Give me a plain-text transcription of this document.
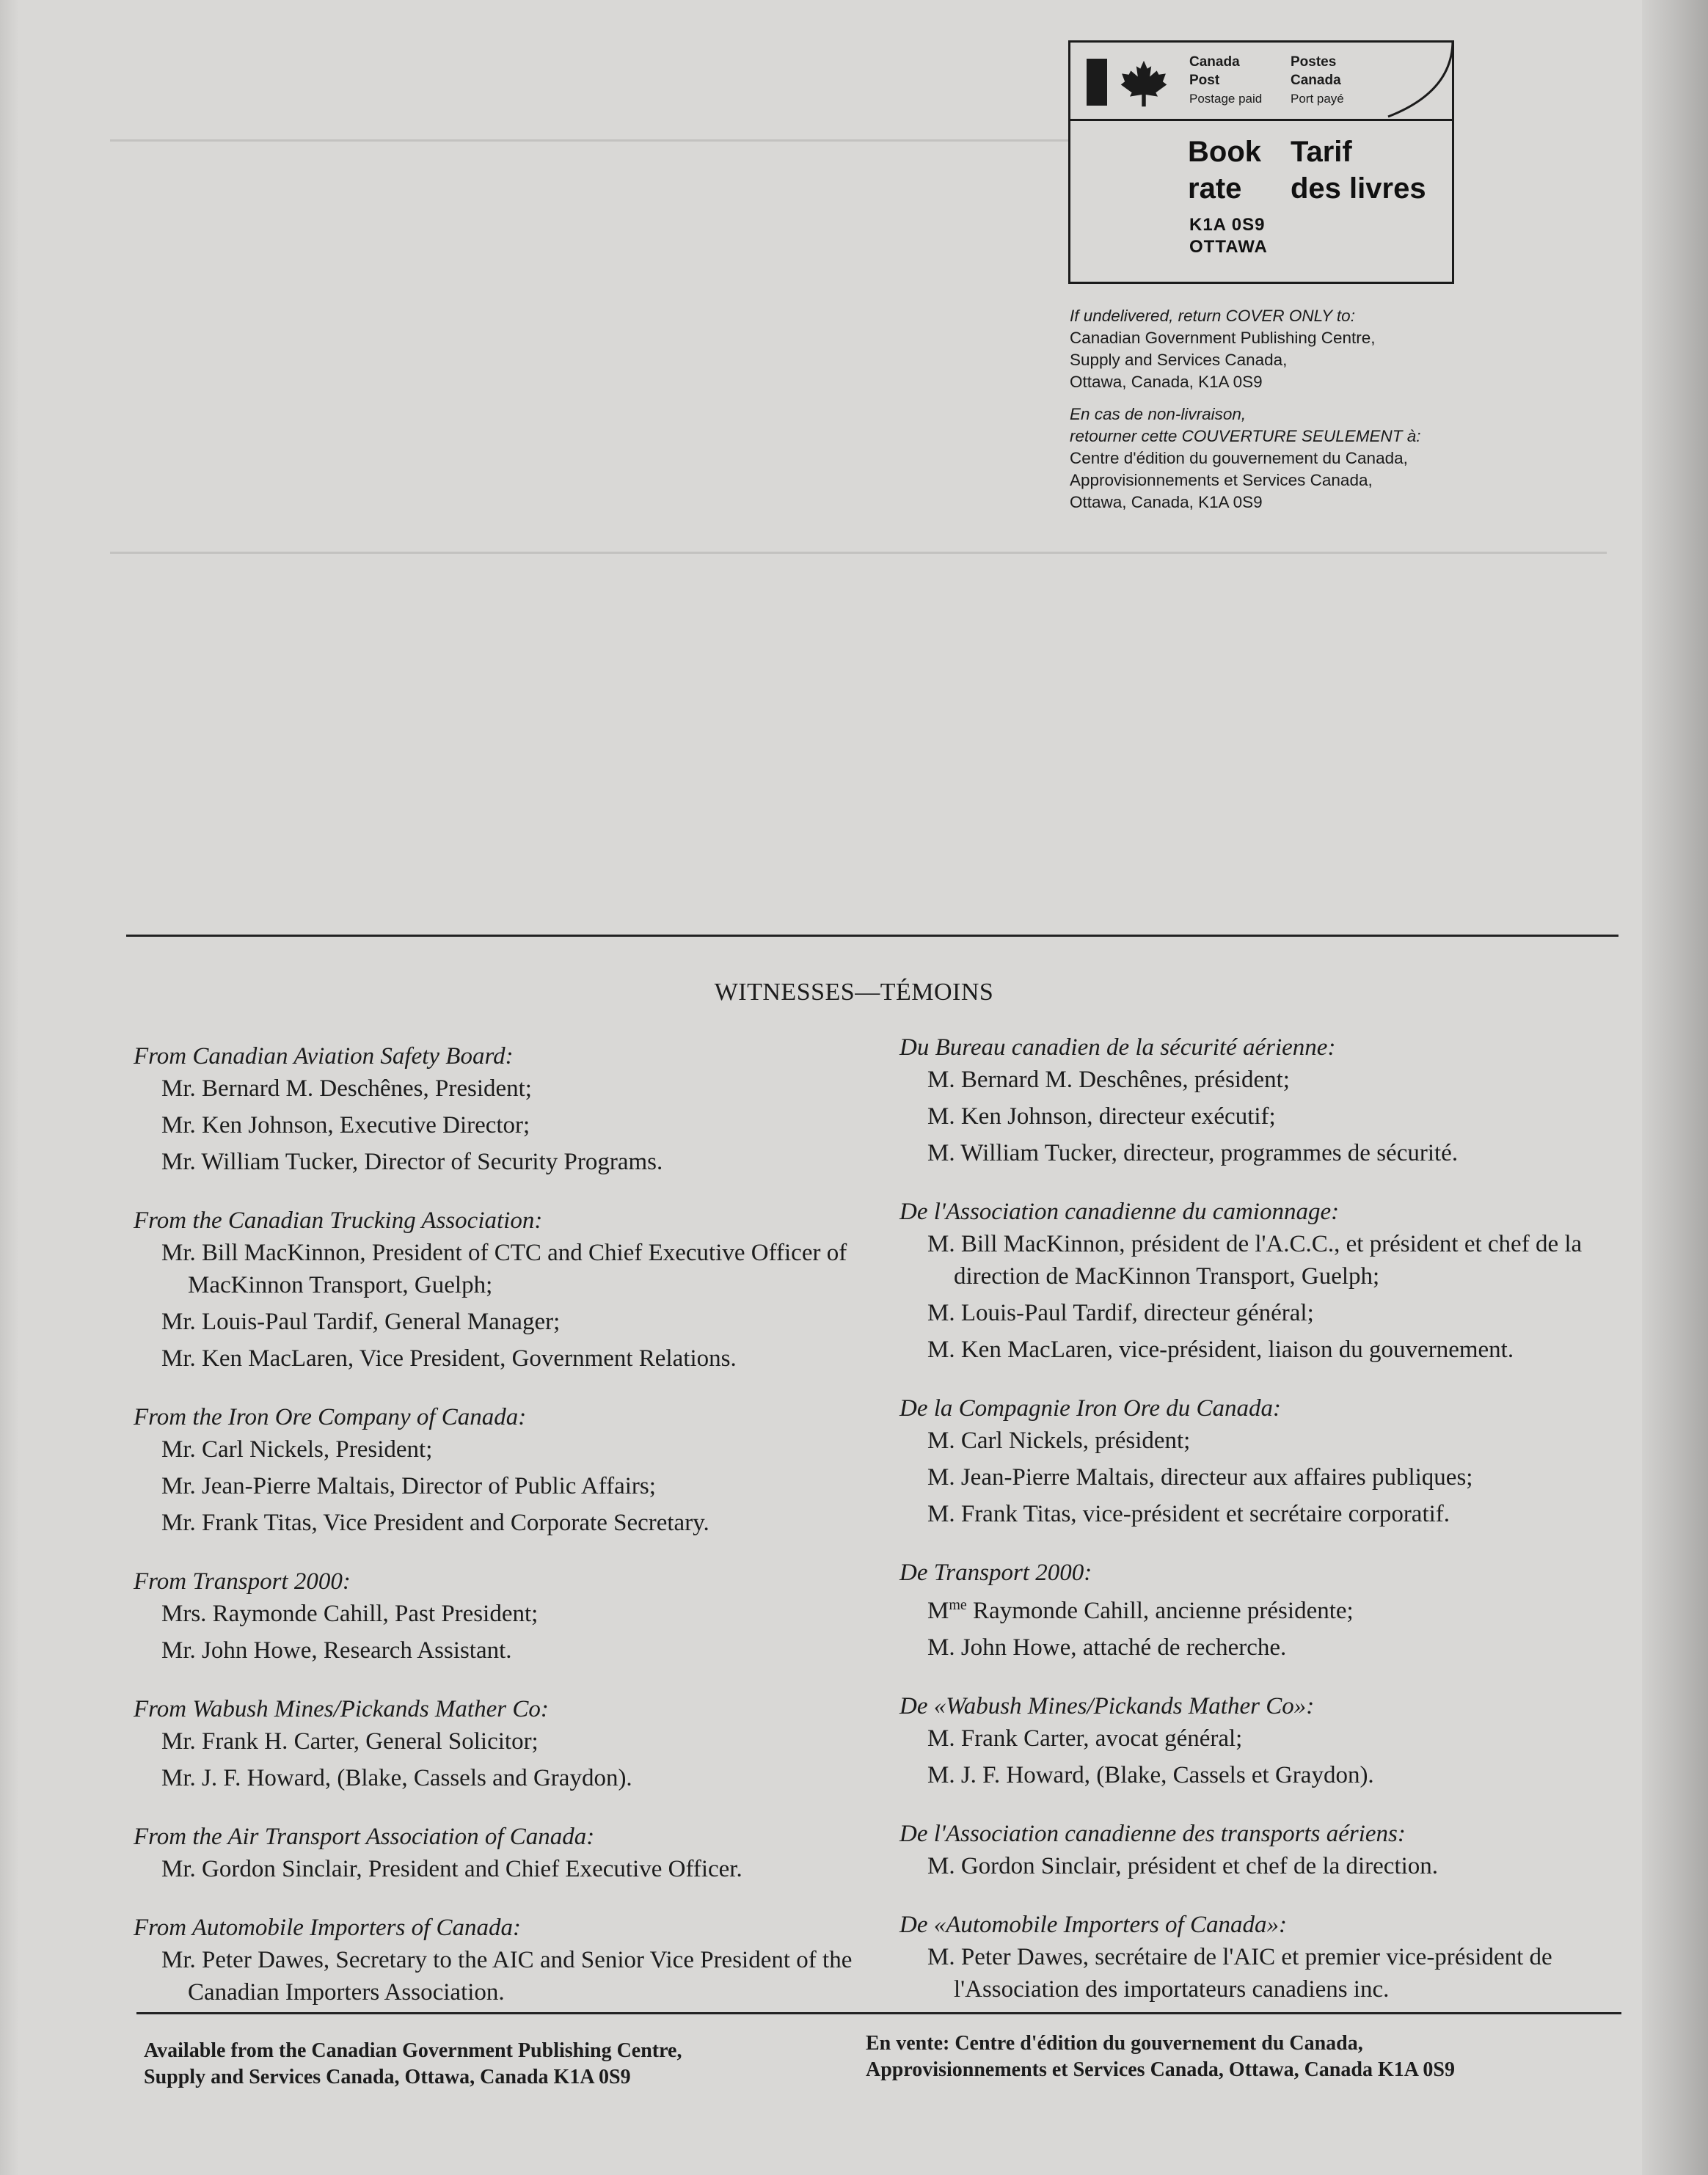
Canada
Post
Postage paid
Postes
Canada
Port payé
Book
rate
Tarif
des livres
K1A 0S9
OTTAWA
If undelivered, return COVER ONLY to:
Canadian Government Publishing Centre,
Supply and Services Canada,
Ottawa, Canada, K1A 0S9
En cas de non-livraison,
retourner cette COUVERTURE SEULEMENT à:
Centre d'édition du gouvernement du Canada,
Approvisionnements et Services Canada,
Ottawa, Canada, K1A 0S9
WITNESSES—TÉMOINS

From Canadian Aviation Safety Board:

Mr. Bernard M. Deschênes, President;

Mr. Ken Johnson, Executive Director;

Mr. William Tucker, Director of Security Programs.

From the Canadian Trucking Association:

Mr. Bill MacKinnon, President of CTC and Chief Executive Officer of MacKinnon Transport, Guelph;

Mr. Louis-Paul Tardif, General Manager;

Mr. Ken MacLaren, Vice President, Government Relations.

From the Iron Ore Company of Canada:

Mr. Carl Nickels, President;

Mr. Jean-Pierre Maltais, Director of Public Affairs;

Mr. Frank Titas, Vice President and Corporate Secretary.

From Transport 2000:

Mrs. Raymonde Cahill, Past President;

Mr. John Howe, Research Assistant.

From Wabush Mines/Pickands Mather Co:

Mr. Frank H. Carter, General Solicitor;

Mr. J. F. Howard, (Blake, Cassels and Graydon).

From the Air Transport Association of Canada:

Mr. Gordon Sinclair, President and Chief Executive Officer.

From Automobile Importers of Canada:

Mr. Peter Dawes, Secretary to the AIC and Senior Vice President of the Canadian Importers Association.

Du Bureau canadien de la sécurité aérienne:

M. Bernard M. Deschênes, président;

M. Ken Johnson, directeur exécutif;

M. William Tucker, directeur, programmes de sécurité.

De l'Association canadienne du camionnage:

M. Bill MacKinnon, président de l'A.C.C., et président et chef de la direction de MacKinnon Transport, Guelph;

M. Louis-Paul Tardif, directeur général;

M. Ken MacLaren, vice-président, liaison du gouvernement.

De la Compagnie Iron Ore du Canada:

M. Carl Nickels, président;

M. Jean-Pierre Maltais, directeur aux affaires publiques;

M. Frank Titas, vice-président et secrétaire corporatif.

De Transport 2000:

$M^{me}$ Raymonde Cahill, ancienne présidente;

M. John Howe, attaché de recherche.

De «Wabush Mines/Pickands Mather Co»:

M. Frank Carter, avocat général;

M. J. F. Howard, (Blake, Cassels et Graydon).

De l'Association canadienne des transports aériens:

M. Gordon Sinclair, président et chef de la direction.

De «Automobile Importers of Canada»:

M. Peter Dawes, secrétaire de l'AIC et premier vice-président de l'Association des importateurs canadiens inc.

Available from the Canadian Government Publishing Centre,
Supply and Services Canada, Ottawa, Canada K1A 0S9
En vente: Centre d'édition du gouvernement du Canada,
Approvisionnements et Services Canada, Ottawa, Canada K1A 0S9
